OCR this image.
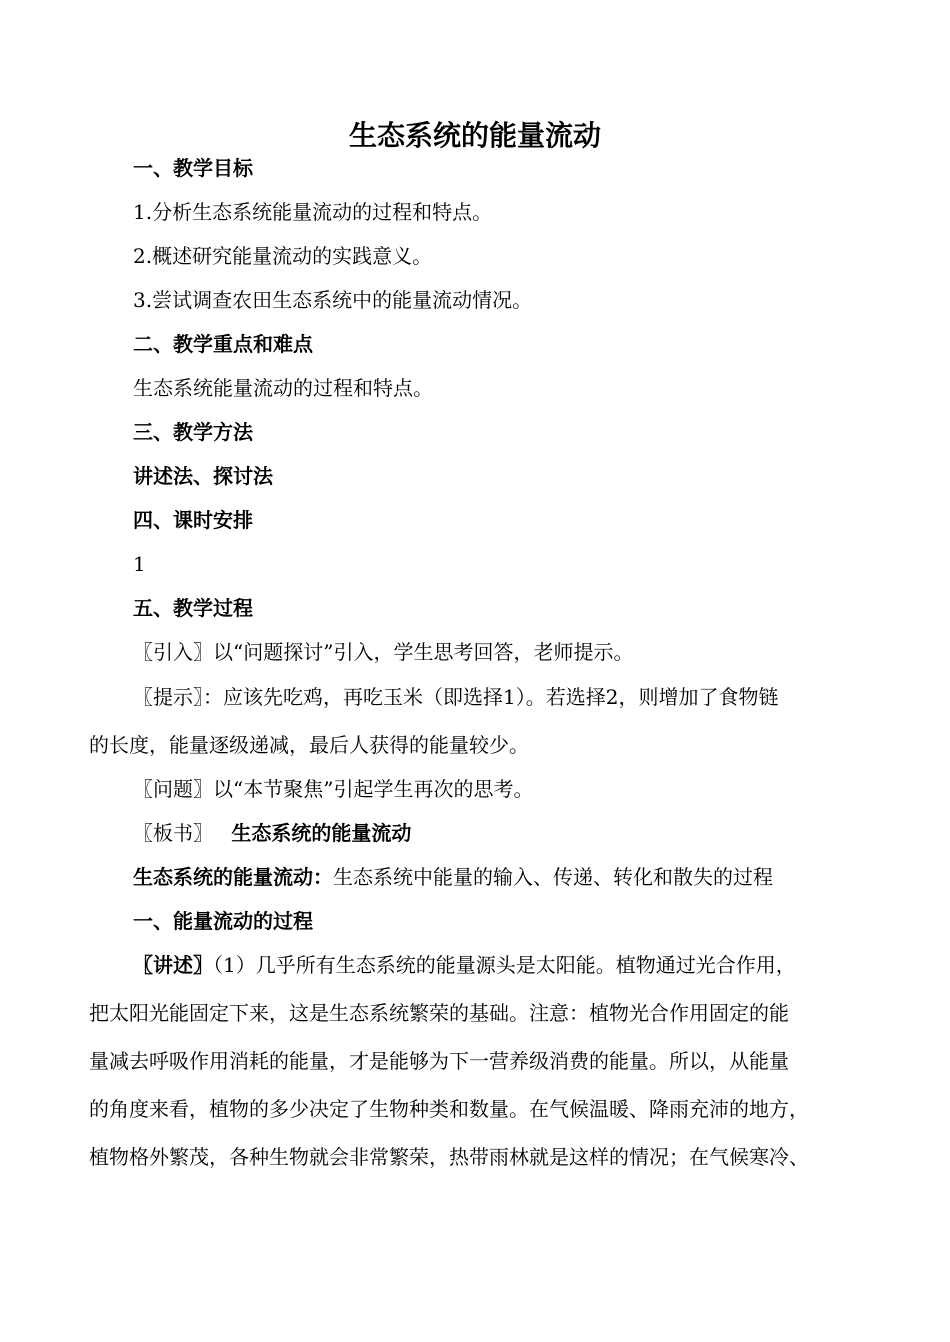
生态系统的能量流动
一、教学目标
1.分析生态系统能量流动的过程和特点。
2.概述研究能量流动的实践意义。
3.尝试调查农田生态系统中的能量流动情况。
二、教学重点和难点
生态系统能量流动的过程和特点。
三、教学方法
讲述法、探讨法
四、课时安排
1
五、教学过程
〖引入〗以“问题探讨”引入，学生思考回答，老师提示。
〖提示〗：应该先吃鸡，再吃玉米（即选择1）。若选择2，则增加了食物链
的长度，能量逐级递减，最后人获得的能量较少。
〖问题〗以“本节聚焦”引起学生再次的思考。
〖板书〗 生态系统的能量流动
生态系统的能量流动：生态系统中能量的输入、传递、转化和散失的过程
一、能量流动的过程
〖讲述〗（1）几乎所有生态系统的能量源头是太阳能。植物通过光合作用，
把太阳光能固定下来，这是生态系统繁荣的基础。注意：植物光合作用固定的能
量减去呼吸作用消耗的能量，才是能够为下一营养级消费的能量。所以，从能量
的角度来看，植物的多少决定了生物种类和数量。在气候温暖、降雨充沛的地方，
植物格外繁茂，各种生物就会非常繁荣，热带雨林就是这样的情况；在气候寒冷、
